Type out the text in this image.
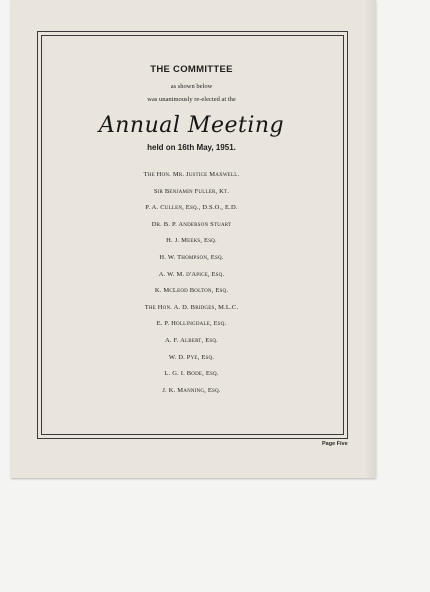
THE COMMITTEE
as shown below
was unanimously re-elected at the
Annual Meeting
held on 16th May, 1951.
The Hon. Mr. Justice Maxwell.
Sir Benjamin Fuller, Kt.
P. A. Cullen, Esq., D.S.O., E.D.
Dr. B. P. Anderson Stuart
H. J. Meeks, Esq.
H. W. Thompson, Esq.
A. W. M. d'Apice, Esq.
K. McLeod Bolton, Esq.
The Hon. A. D. Bridges, M.L.C.
E. P. Hollingdale, Esq.
A. F. Albert, Esq.
W. D. Pye, Esq.
L. G. I. Bode, Esq.
J. K. Manning, Esq.
Page Five
